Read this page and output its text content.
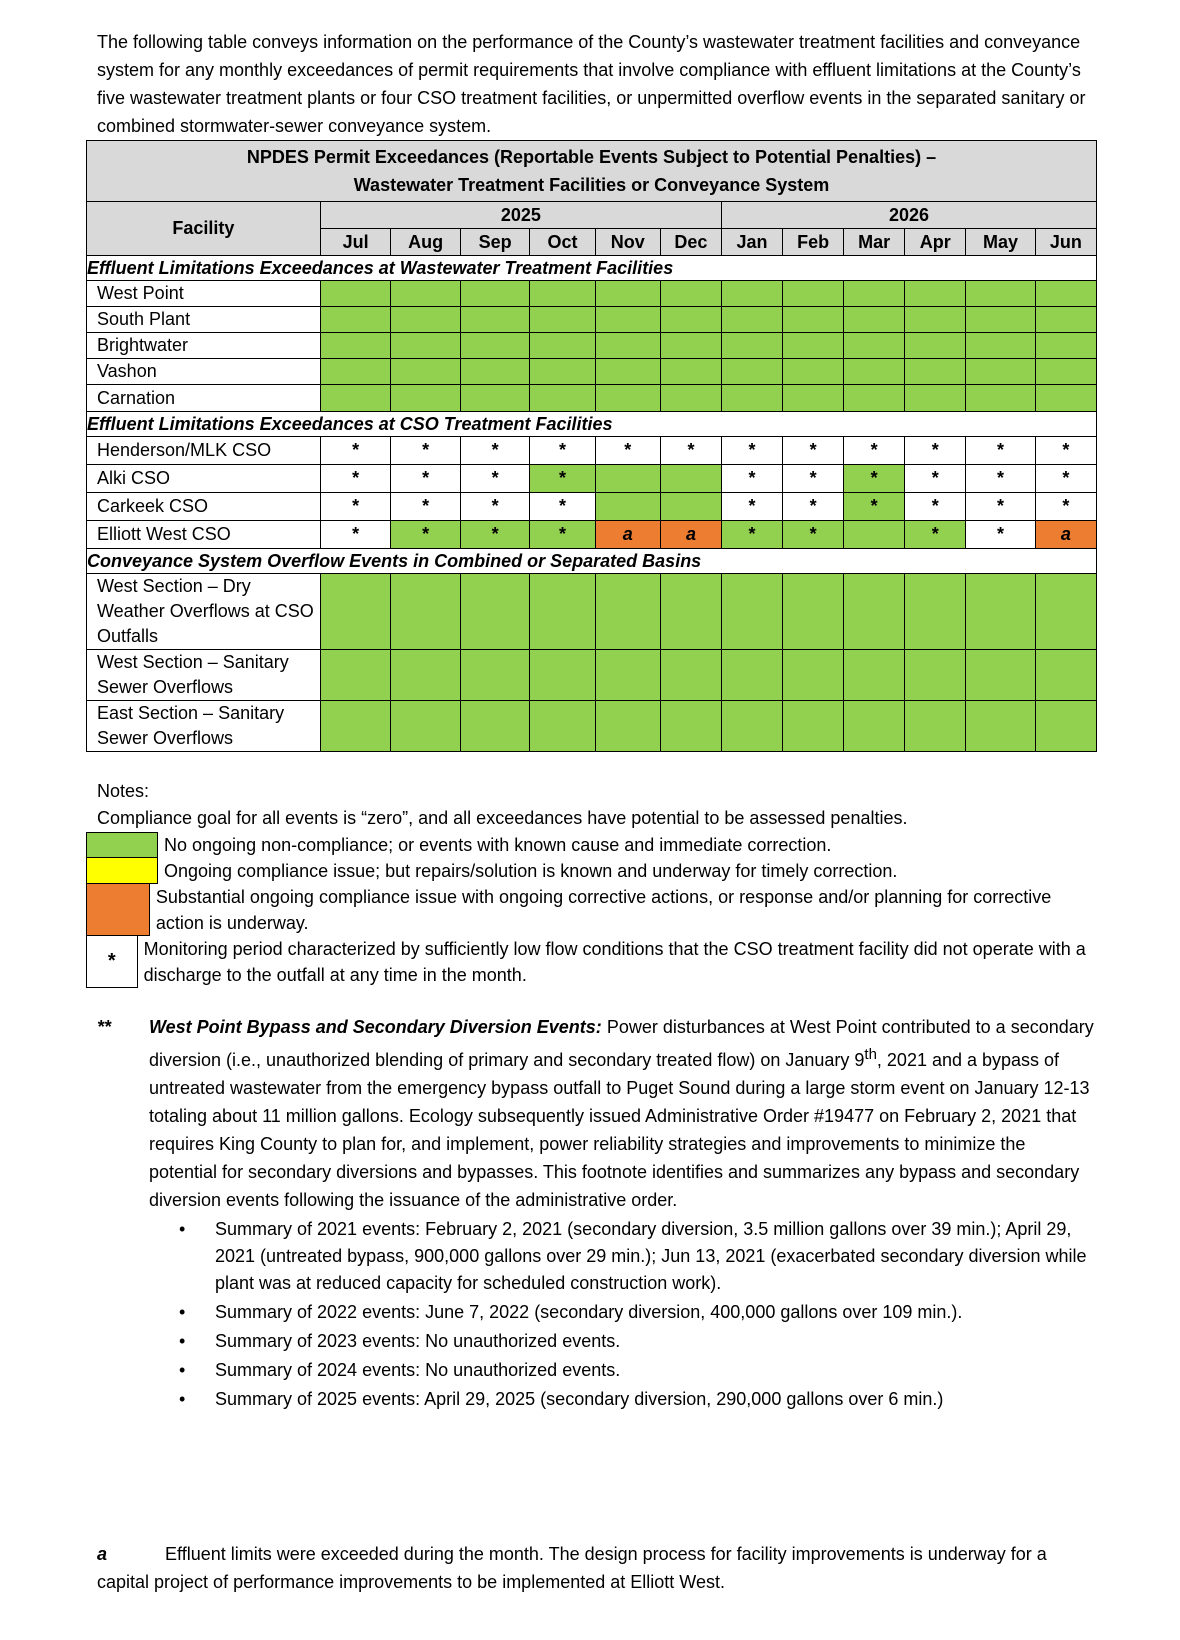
The following table conveys information on the performance of the County’s wastewater treatment facilities and conveyance system for any monthly exceedances of permit requirements that involve compliance with effluent limitations at the County’s five wastewater treatment plants or four CSO treatment facilities, or unpermitted overflow events in the separated sanitary or combined stormwater-sewer conveyance system.

NPDES Permit Exceedances (Reportable Events Subject to Potential Penalties) –
Wastewater Treatment Facilities or Conveyance System												

Facility	2025						2026					
	Jul	Aug	Sep	Oct	Nov	Dec	Jan	Feb	Mar	Apr	May	Jun
Effluent Limitations Exceedances at Wastewater Treatment Facilities												
West Point												
South Plant												
Brightwater												
Vashon												
Carnation												
Effluent Limitations Exceedances at CSO Treatment Facilities												
Henderson/MLK CSO	*	*	*	*	*	*	*	*	*	*	*	*
Alki CSO	*	*	*	*			*	*	*	*	*	*
Carkeek CSO	*	*	*	*			*	*	*	*	*	*
Elliott West CSO	*	*	*	*	a	a	*	*		*	*	a
Conveyance System Overflow Events in Combined or Separated Basins												
West Section – Dry Weather Overflows at CSO Outfalls												
West Section – Sanitary Sewer Overflows												
East Section – Sanitary Sewer Overflows												

Notes:

Compliance goal for all events is “zero”, and all exceedances have potential to be assessed penalties.

No ongoing non-compliance; or events with known cause and immediate correction.
Ongoing compliance issue; but repairs/solution is known and underway for timely correction.
Substantial ongoing compliance issue with ongoing corrective actions, or response and/or planning for corrective action is underway.
*
Monitoring period characterized by sufficiently low flow conditions that the CSO treatment facility did not operate with a discharge to the outfall at any time in the month.
** West Point Bypass and Secondary Diversion Events: Power disturbances at West Point contributed to a secondary diversion (i.e., unauthorized blending of primary and secondary treated flow) on January 9th, 2021 and a bypass of untreated wastewater from the emergency bypass outfall to Puget Sound during a large storm event on January 12-13 totaling about 11 million gallons. Ecology subsequently issued Administrative Order #19477 on February 2, 2021 that requires King County to plan for, and implement, power reliability strategies and improvements to minimize the potential for secondary diversions and bypasses. This footnote identifies and summarizes any bypass and secondary diversion events following the issuance of the administrative order.
• Summary of 2021 events: February 2, 2021 (secondary diversion, 3.5 million gallons over 39 min.); April 29, 2021 (untreated bypass, 900,000 gallons over 29 min.); Jun 13, 2021 (exacerbated secondary diversion while plant was at reduced capacity for scheduled construction work).
• Summary of 2022 events: June 7, 2022 (secondary diversion, 400,000 gallons over 109 min.).
• Summary of 2023 events: No unauthorized events.
• Summary of 2024 events: No unauthorized events.
• Summary of 2025 events: April 29, 2025 (secondary diversion, 290,000 gallons over 6 min.)
a	Effluent limits were exceeded during the month. The design process for facility improvements is underway for a capital project of performance improvements to be implemented at Elliott West.
